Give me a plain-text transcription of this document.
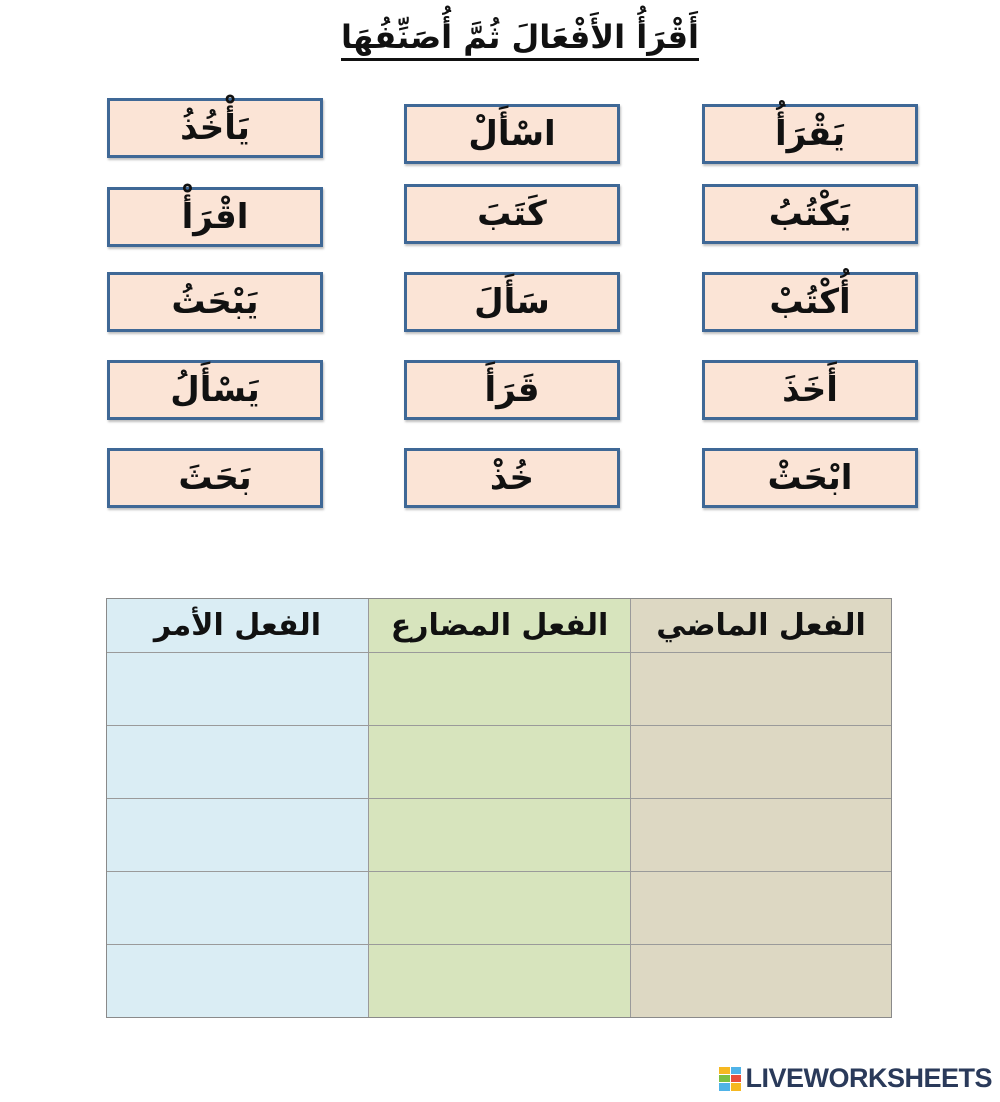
أَقْرَأُ الأَفْعَالَ ثُمَّ أُصَنِّفُهَا
يَأْخُذُ
اقْرَأْ
يَبْحَثُ
يَسْأَلُ
بَحَثَ
اسْأَلْ
كَتَبَ
سَأَلَ
قَرَأَ
خُذْ
يَقْرَأُ
يَكْتُبُ
أُكْتُبْ
أَخَذَ
ابْحَثْ
الفعل الأمر	الفعل المضارع	الفعل الماضي
LIVEWORKSHEETS
